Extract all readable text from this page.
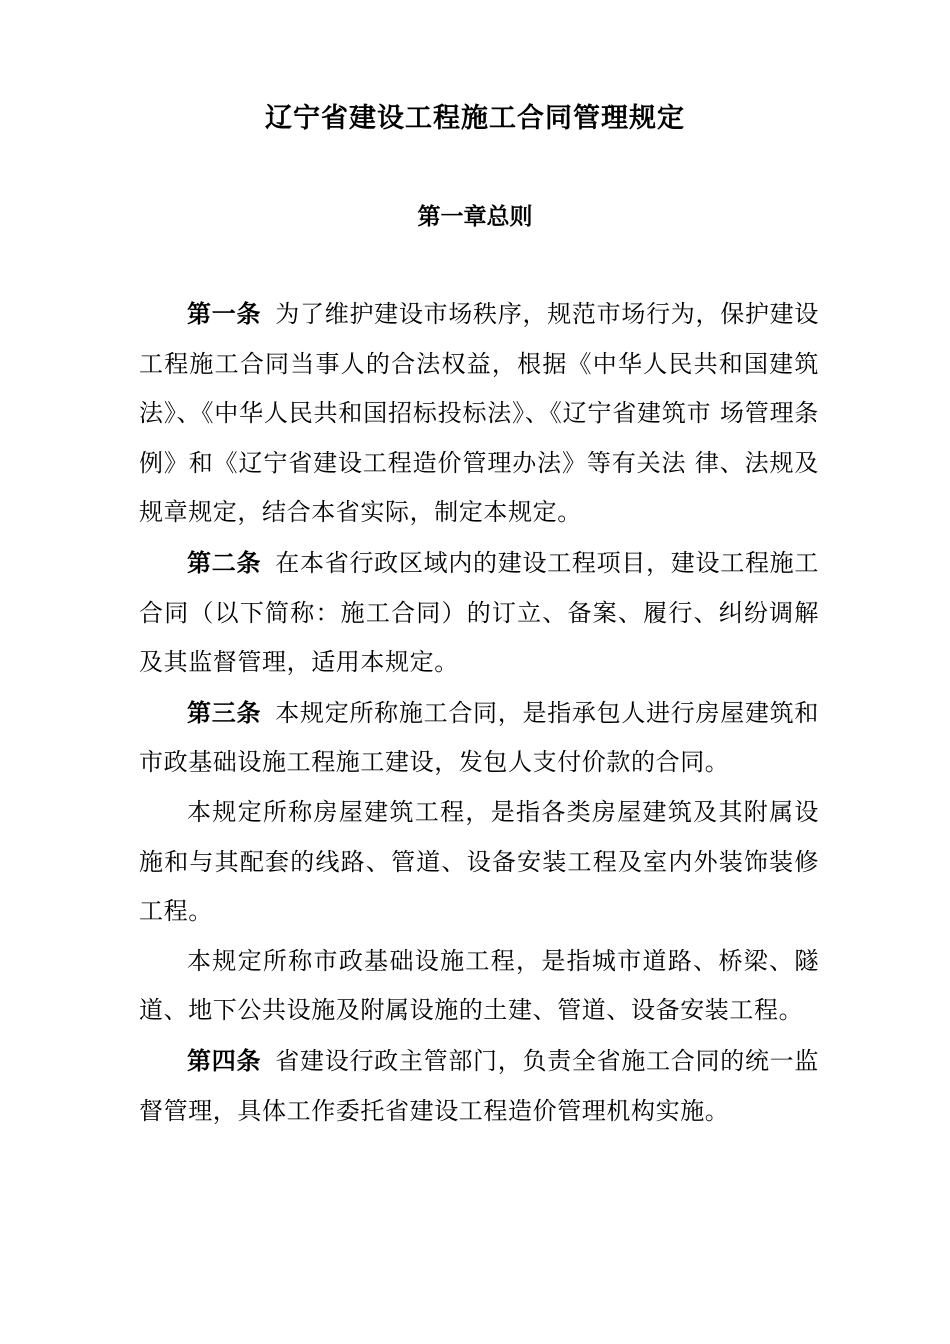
辽宁省建设工程施工合同管理规定
第一章总则

第一条 为了维护建设市场秩序，规范市场行为，保护建设工程施工合同当事人的合法权益，根据《中华人民共和国建筑法》、《中华人民共和国招标投标法》、《辽宁省建筑市 场管理条例》和《辽宁省建设工程造价管理办法》等有关法 律、法规及规章规定，结合本省实际，制定本规定。

第二条 在本省行政区域内的建设工程项目，建设工程施工合同（以下简称：施工合同）的订立、备案、履行、纠纷调解及其监督管理，适用本规定。

第三条 本规定所称施工合同，是指承包人进行房屋建筑和市政基础设施工程施工建设，发包人支付价款的合同。

本规定所称房屋建筑工程，是指各类房屋建筑及其附属设施和与其配套的线路、管道、设备安装工程及室内外装饰装修工程。

本规定所称市政基础设施工程，是指城市道路、桥梁、隧道、地下公共设施及附属设施的土建、管道、设备安装工程。

第四条 省建设行政主管部门，负责全省施工合同的统一监督管理，具体工作委托省建设工程造价管理机构实施。
